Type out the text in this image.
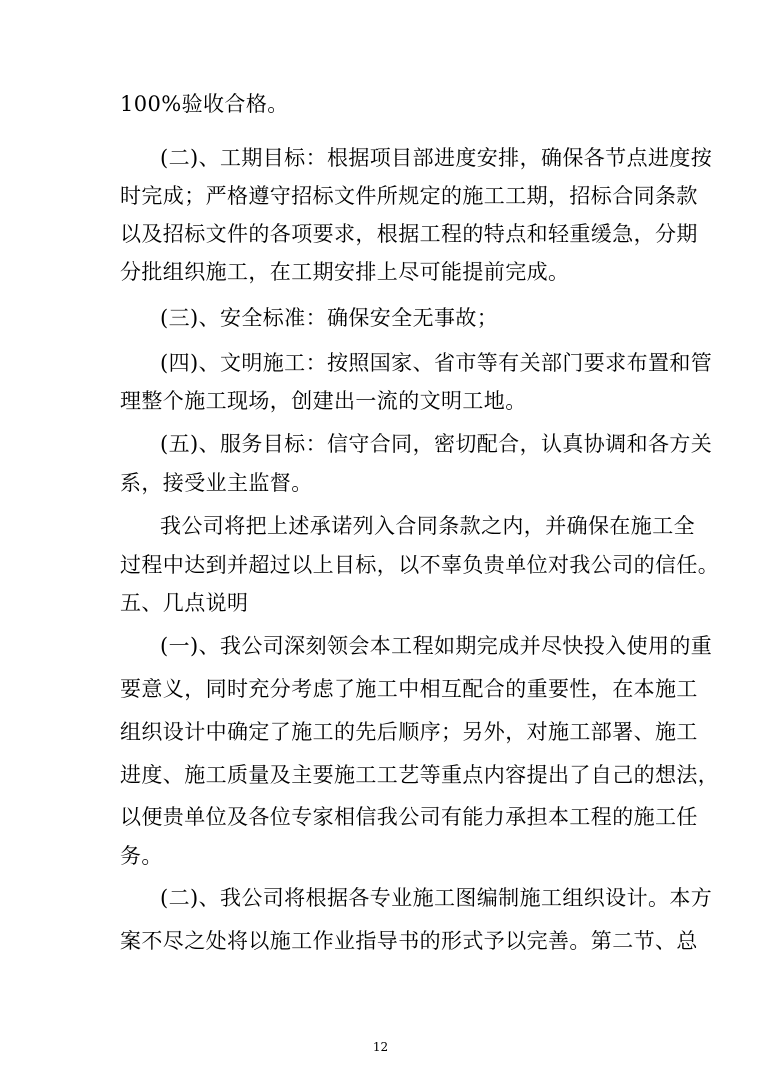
100%验收合格。
(二)、工期目标：根据项目部进度安排，确保各节点进度按
时完成；严格遵守招标文件所规定的施工工期，招标合同条款
以及招标文件的各项要求，根据工程的特点和轻重缓急，分期
分批组织施工，在工期安排上尽可能提前完成。
(三)、安全标准：确保安全无事故；
(四)、文明施工：按照国家、省市等有关部门要求布置和管
理整个施工现场，创建出一流的文明工地。
(五)、服务目标：信守合同，密切配合，认真协调和各方关
系，接受业主监督。
我公司将把上述承诺列入合同条款之内，并确保在施工全
过程中达到并超过以上目标，以不辜负贵单位对我公司的信任。
五、几点说明
(一)、我公司深刻领会本工程如期完成并尽快投入使用的重
要意义，同时充分考虑了施工中相互配合的重要性，在本施工
组织设计中确定了施工的先后顺序；另外，对施工部署、施工
进度、施工质量及主要施工工艺等重点内容提出了自己的想法，
以便贵单位及各位专家相信我公司有能力承担本工程的施工任
务。
(二)、我公司将根据各专业施工图编制施工组织设计。本方
案不尽之处将以施工作业指导书的形式予以完善。第二节、总
12
